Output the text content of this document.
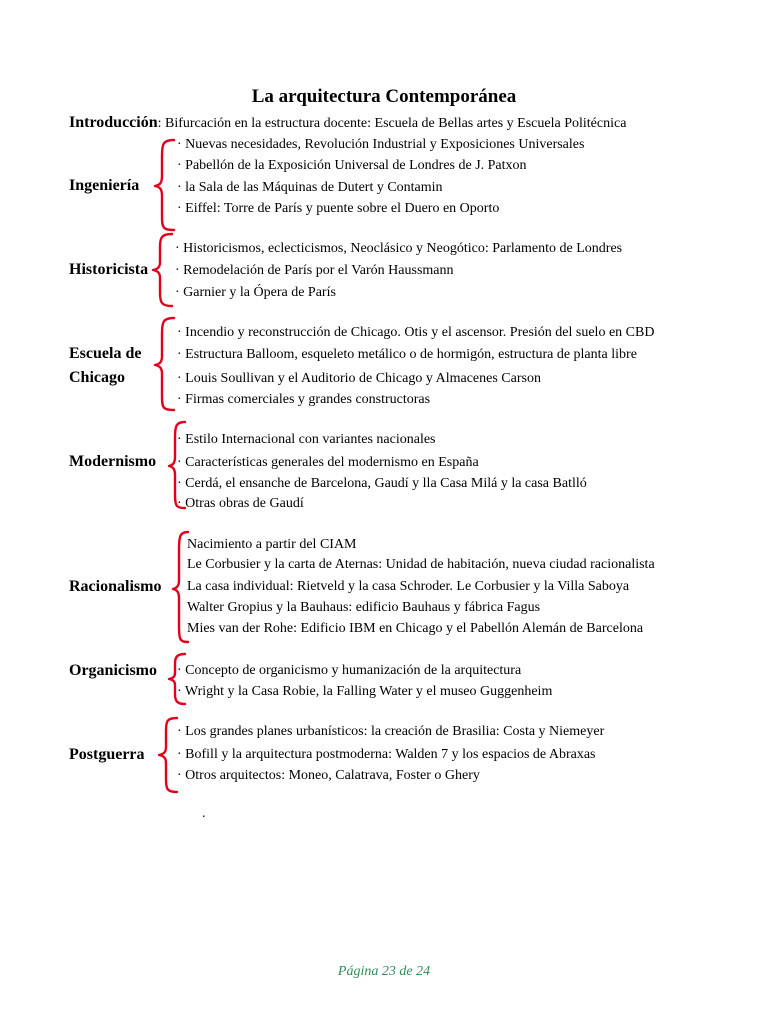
La arquitectura Contemporánea
Introducción: Bifurcación en la estructura docente: Escuela de Bellas artes y Escuela Politécnica
Ingeniería
· Nuevas necesidades, Revolución Industrial y Exposiciones Universales
· Pabellón de la Exposición Universal de Londres de J. Patxon
· la Sala de las Máquinas de Dutert y Contamin
· Eiffel: Torre de París y puente sobre el Duero en Oporto
Historicista
· Historicismos, eclecticismos, Neoclásico y Neogótico: Parlamento de Londres
· Remodelación de París por el Varón Haussmann
· Garnier y la Ópera de París
Escuela de
Chicago
· Incendio y reconstrucción de Chicago. Otis y el ascensor. Presión del suelo en CBD
· Estructura Balloom, esqueleto metálico o de hormigón, estructura de planta libre
· Louis Soullivan y el Auditorio de Chicago y Almacenes Carson
· Firmas comerciales y grandes constructoras
Modernismo
· Estilo Internacional con variantes nacionales
· Características generales del modernismo en España
· Cerdá, el ensanche de Barcelona, Gaudí y lla Casa Milá y la casa Batlló
· Otras obras de Gaudí
Racionalismo
Nacimiento a partir del CIAM
Le Corbusier y la carta de Aternas: Unidad de habitación, nueva ciudad racionalista
La casa individual: Rietveld y la casa Schroder. Le Corbusier y la Villa Saboya
Walter Gropius y la Bauhaus: edificio Bauhaus y fábrica Fagus
Mies van der Rohe: Edificio IBM en Chicago y el Pabellón Alemán de Barcelona
Organicismo · Concepto de organicismo y humanización de la arquitectura
· Wright y la Casa Robie, la Falling Water y el museo Guggenheim
Postguerra
· Los grandes planes urbanísticos: la creación de Brasilia: Costa y Niemeyer
· Bofill y la arquitectura postmoderna: Walden 7 y los espacios de Abraxas
· Otros arquitectos: Moneo, Calatrava, Foster o Ghery
.
Página 23 de 24
